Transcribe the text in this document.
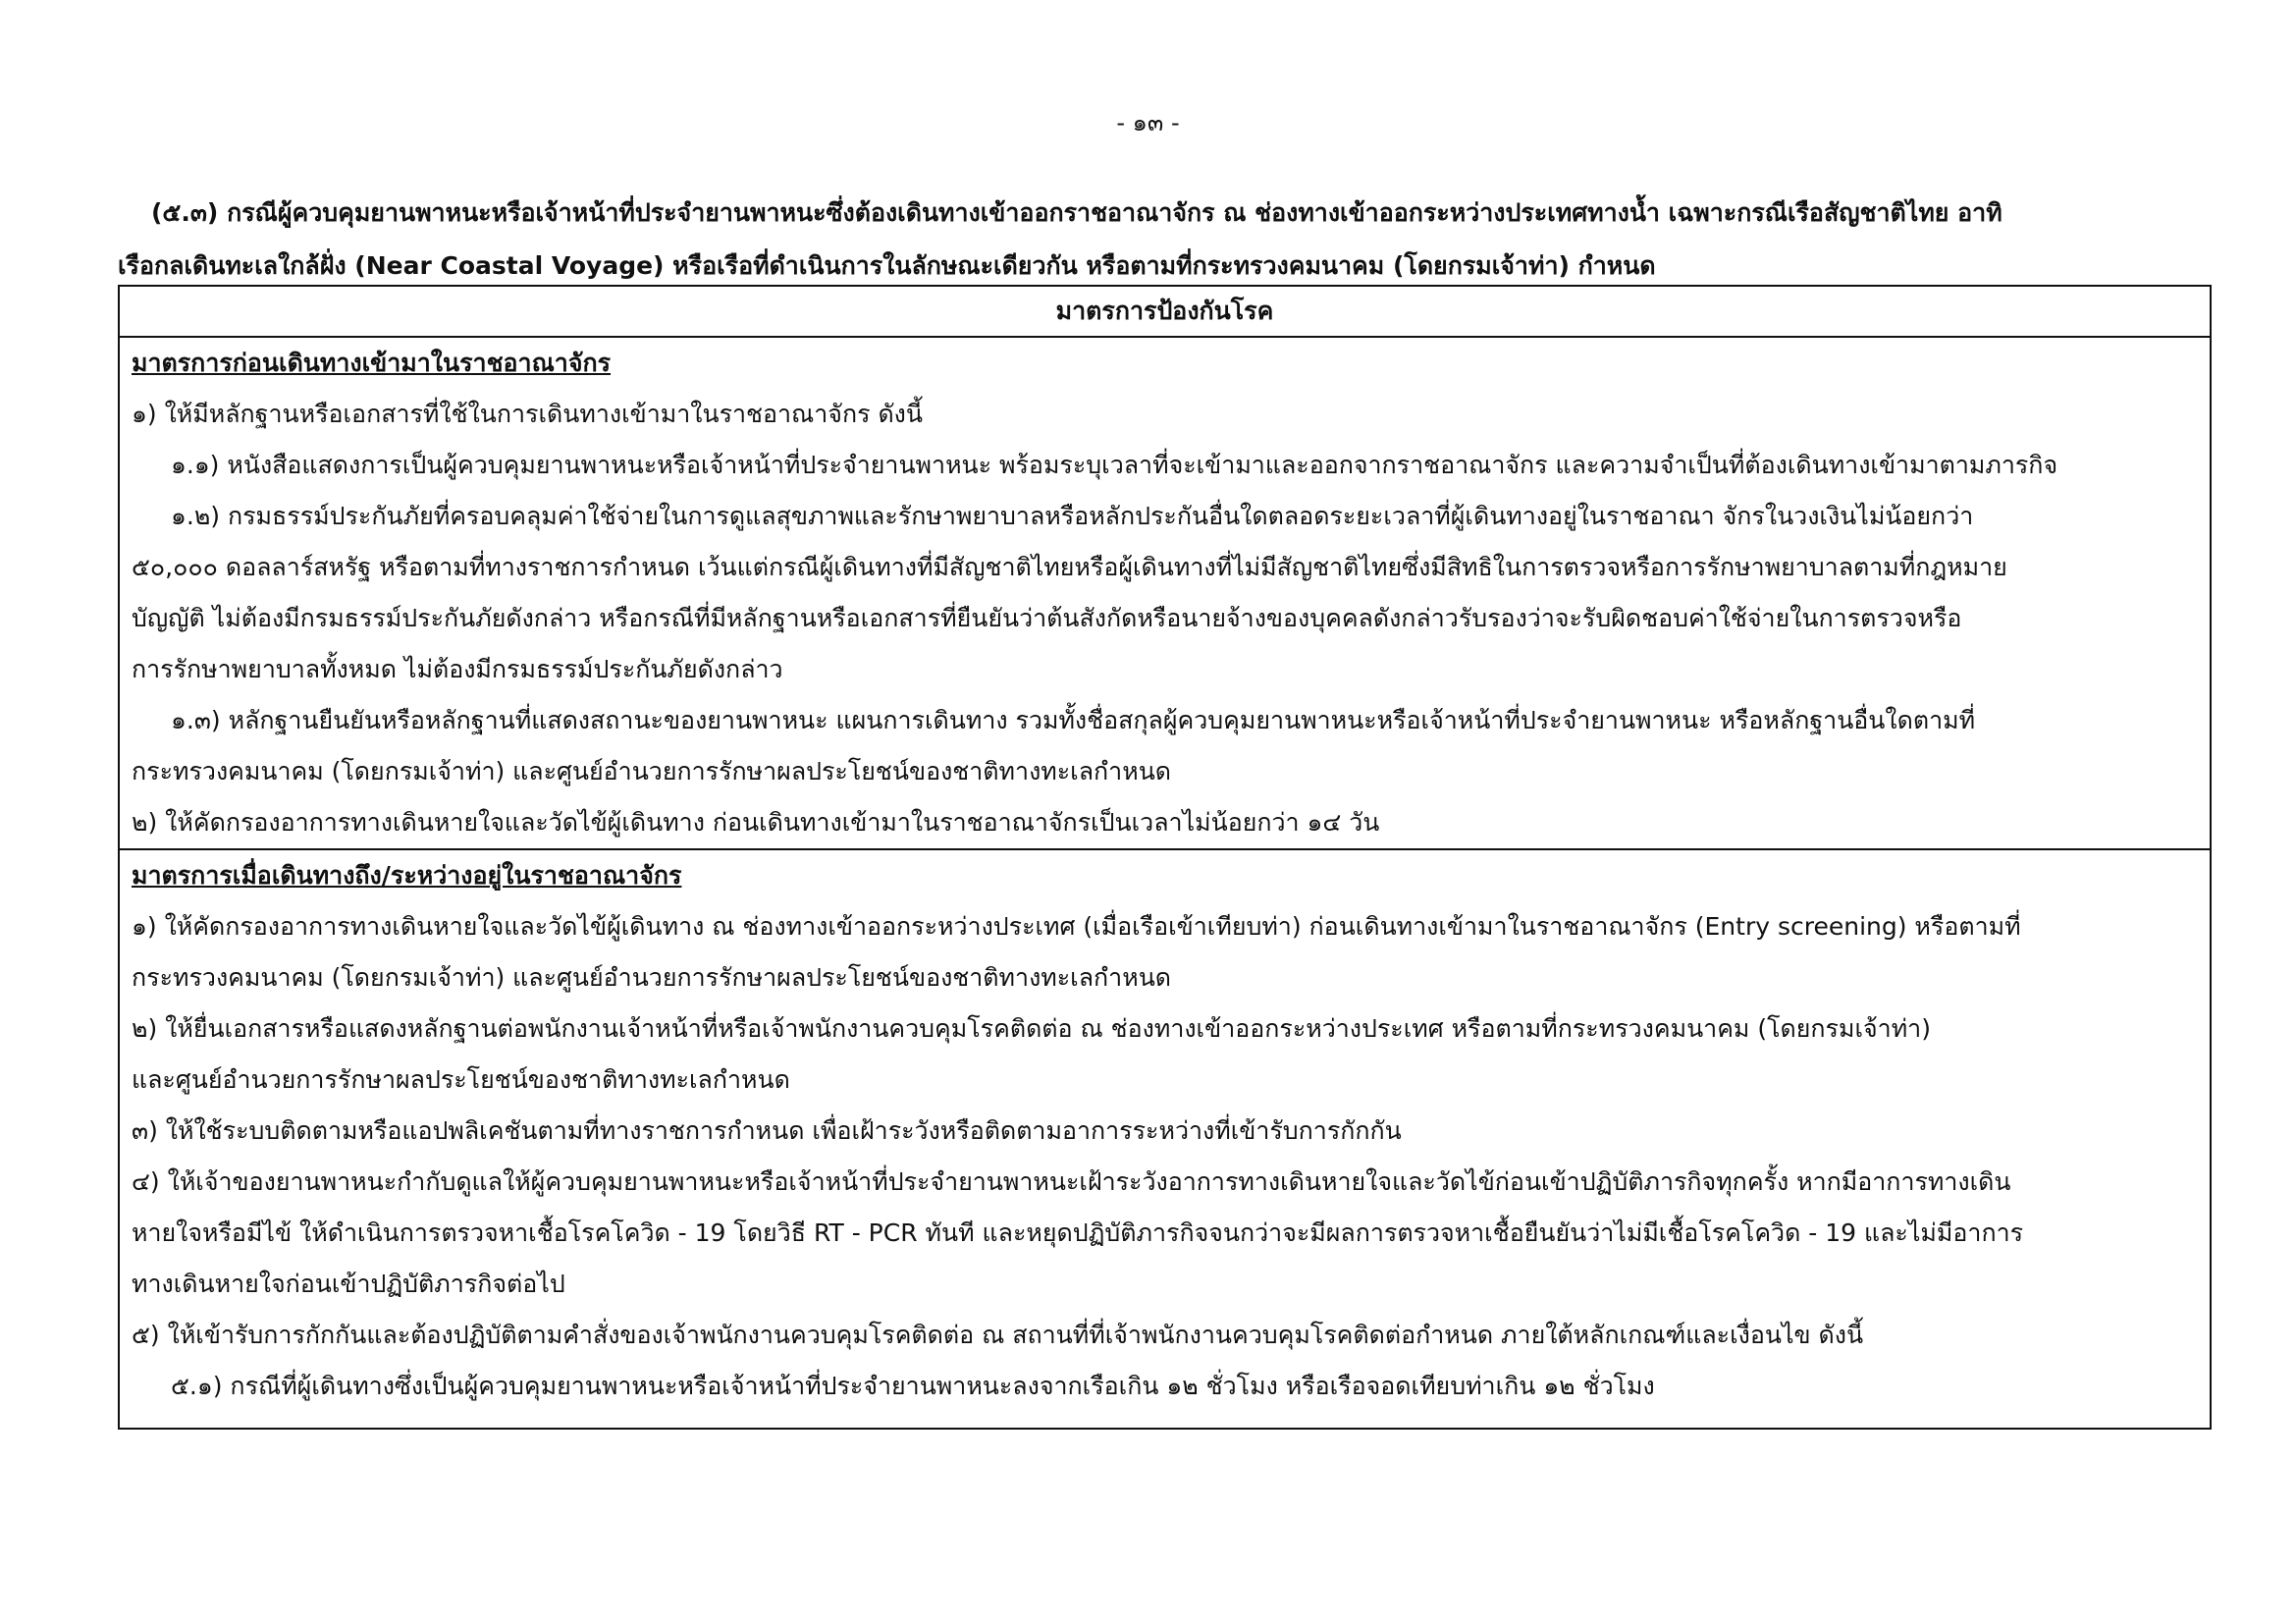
- ๑๓ -
(๕.๓) กรณีผู้ควบคุมยานพาหนะหรือเจ้าหน้าที่ประจำยานพาหนะซึ่งต้องเดินทางเข้าออกราชอาณาจักร ณ ช่องทางเข้าออกระหว่างประเทศทางน้ำ เฉพาะกรณีเรือสัญชาติไทย อาทิ
เรือกลเดินทะเลใกล้ฝั่ง (Near Coastal Voyage) หรือเรือที่ดำเนินการในลักษณะเดียวกัน หรือตามที่กระทรวงคมนาคม (โดยกรมเจ้าท่า) กำหนด
มาตรการป้องกันโรค

มาตรการก่อนเดินทางเข้ามาในราชอาณาจักร
๑) ให้มีหลักฐานหรือเอกสารที่ใช้ในการเดินทางเข้ามาในราชอาณาจักร ดังนี้
๑.๑) หนังสือแสดงการเป็นผู้ควบคุมยานพาหนะหรือเจ้าหน้าที่ประจำยานพาหนะ พร้อมระบุเวลาที่จะเข้ามาและออกจากราชอาณาจักร และความจำเป็นที่ต้องเดินทางเข้ามาตามภารกิจ
๑.๒) กรมธรรม์ประกันภัยที่ครอบคลุมค่าใช้จ่ายในการดูแลสุขภาพและรักษาพยาบาลหรือหลักประกันอื่นใดตลอดระยะเวลาที่ผู้เดินทางอยู่ในราชอาณา จักรในวงเงินไม่น้อยกว่า
๕๐,๐๐๐ ดอลลาร์สหรัฐ หรือตามที่ทางราชการกำหนด เว้นแต่กรณีผู้เดินทางที่มีสัญชาติไทยหรือผู้เดินทางที่ไม่มีสัญชาติไทยซึ่งมีสิทธิในการตรวจหรือการรักษาพยาบาลตามที่กฎหมาย
บัญญัติ ไม่ต้องมีกรมธรรม์ประกันภัยดังกล่าว หรือกรณีที่มีหลักฐานหรือเอกสารที่ยืนยันว่าต้นสังกัดหรือนายจ้างของบุคคลดังกล่าวรับรองว่าจะรับผิดชอบค่าใช้จ่ายในการตรวจหรือ
การรักษาพยาบาลทั้งหมด ไม่ต้องมีกรมธรรม์ประกันภัยดังกล่าว
๑.๓) หลักฐานยืนยันหรือหลักฐานที่แสดงสถานะของยานพาหนะ แผนการเดินทาง รวมทั้งชื่อสกุลผู้ควบคุมยานพาหนะหรือเจ้าหน้าที่ประจำยานพาหนะ หรือหลักฐานอื่นใดตามที่
กระทรวงคมนาคม (โดยกรมเจ้าท่า) และศูนย์อำนวยการรักษาผลประโยชน์ของชาติทางทะเลกำหนด
๒) ให้คัดกรองอาการทางเดินหายใจและวัดไข้ผู้เดินทาง ก่อนเดินทางเข้ามาในราชอาณาจักรเป็นเวลาไม่น้อยกว่า ๑๔ วัน

มาตรการเมื่อเดินทางถึง/ระหว่างอยู่ในราชอาณาจักร
๑) ให้คัดกรองอาการทางเดินหายใจและวัดไข้ผู้เดินทาง ณ ช่องทางเข้าออกระหว่างประเทศ (เมื่อเรือเข้าเทียบท่า) ก่อนเดินทางเข้ามาในราชอาณาจักร (Entry screening) หรือตามที่
กระทรวงคมนาคม (โดยกรมเจ้าท่า) และศูนย์อำนวยการรักษาผลประโยชน์ของชาติทางทะเลกำหนด
๒) ให้ยื่นเอกสารหรือแสดงหลักฐานต่อพนักงานเจ้าหน้าที่หรือเจ้าพนักงานควบคุมโรคติดต่อ ณ ช่องทางเข้าออกระหว่างประเทศ หรือตามที่กระทรวงคมนาคม (โดยกรมเจ้าท่า)
และศูนย์อำนวยการรักษาผลประโยชน์ของชาติทางทะเลกำหนด
๓) ให้ใช้ระบบติดตามหรือแอปพลิเคชันตามที่ทางราชการกำหนด เพื่อเฝ้าระวังหรือติดตามอาการระหว่างที่เข้ารับการกักกัน
๔) ให้เจ้าของยานพาหนะกำกับดูแลให้ผู้ควบคุมยานพาหนะหรือเจ้าหน้าที่ประจำยานพาหนะเฝ้าระวังอาการทางเดินหายใจและวัดไข้ก่อนเข้าปฏิบัติภารกิจทุกครั้ง หากมีอาการทางเดิน
หายใจหรือมีไข้ ให้ดำเนินการตรวจหาเชื้อโรคโควิด - 19 โดยวิธี RT - PCR ทันที และหยุดปฏิบัติภารกิจจนกว่าจะมีผลการตรวจหาเชื้อยืนยันว่าไม่มีเชื้อโรคโควิด - 19 และไม่มีอาการ
ทางเดินหายใจก่อนเข้าปฏิบัติภารกิจต่อไป
๕) ให้เข้ารับการกักกันและต้องปฏิบัติตามคำสั่งของเจ้าพนักงานควบคุมโรคติดต่อ ณ สถานที่ที่เจ้าพนักงานควบคุมโรคติดต่อกำหนด ภายใต้หลักเกณฑ์และเงื่อนไข ดังนี้
๕.๑) กรณีที่ผู้เดินทางซึ่งเป็นผู้ควบคุมยานพาหนะหรือเจ้าหน้าที่ประจำยานพาหนะลงจากเรือเกิน ๑๒ ชั่วโมง หรือเรือจอดเทียบท่าเกิน ๑๒ ชั่วโมง
